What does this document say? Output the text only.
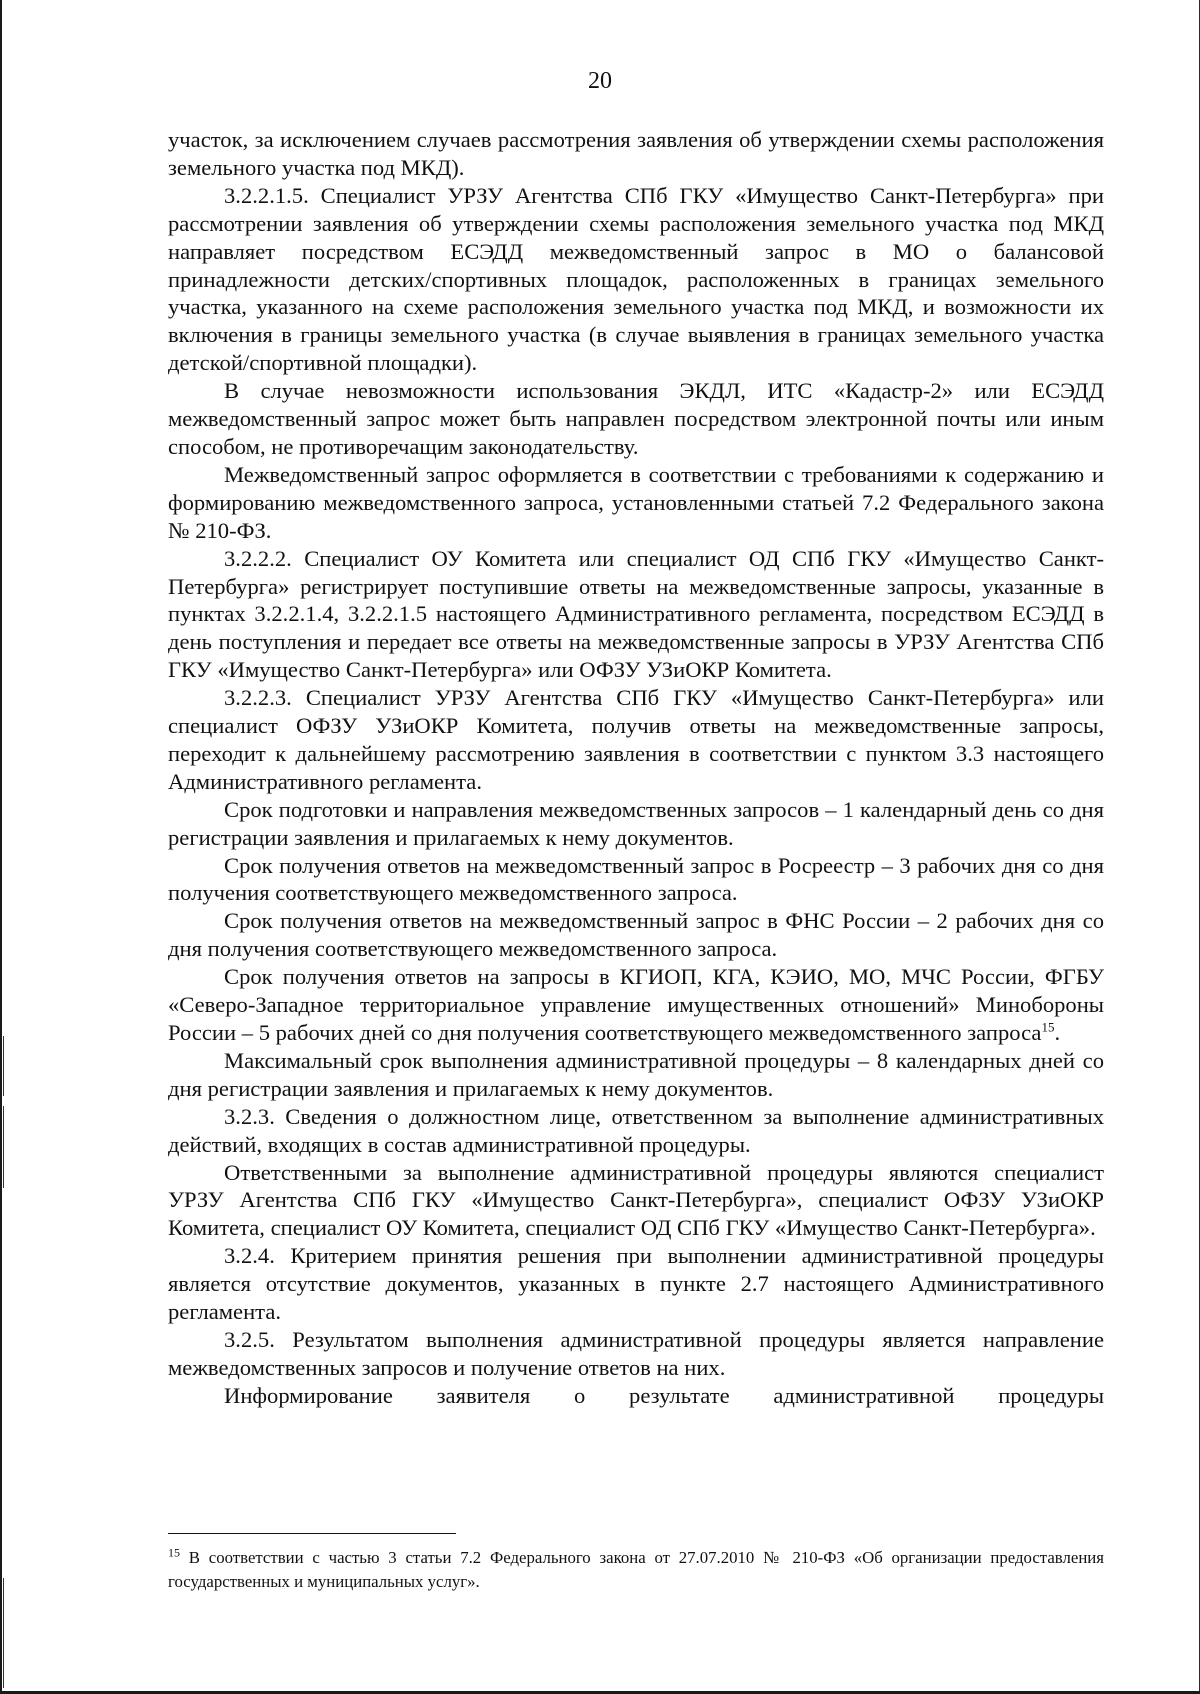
20

участок, за исключением случаев рассмотрения заявления об утверждении схемы расположения земельного участка под МКД).

3.2.2.1.5. Специалист УРЗУ Агентства СПб ГКУ «Имущество Санкт-Петербурга» при рассмотрении заявления об утверждении схемы расположения земельного участка под МКД направляет посредством ЕСЭДД межведомственный запрос в МО о балансовой принадлежности детских/спортивных площадок, расположенных в границах земельного участка, указанного на схеме расположения земельного участка под МКД, и возможности их включения в границы земельного участка (в случае выявления в границах земельного участка детской/спортивной площадки).

В случае невозможности использования ЭКДЛ, ИТС «Кадастр-2» или ЕСЭДД межведомственный запрос может быть направлен посредством электронной почты или иным способом, не противоречащим законодательству.

Межведомственный запрос оформляется в соответствии с требованиями к содержанию и формированию межведомственного запроса, установленными статьей 7.2 Федерального закона № 210-ФЗ.

3.2.2.2. Специалист ОУ Комитета или специалист ОД СПб ГКУ «Имущество Санкт-Петербурга» регистрирует поступившие ответы на межведомственные запросы, указанные в пунктах 3.2.2.1.4, 3.2.2.1.5 настоящего Административного регламента, посредством ЕСЭДД в день поступления и передает все ответы на межведомственные запросы в УРЗУ Агентства СПб ГКУ «Имущество Санкт-Петербурга» или ОФЗУ УЗиОКР Комитета.

3.2.2.3. Специалист УРЗУ Агентства СПб ГКУ «Имущество Санкт-Петербурга» или специалист ОФЗУ УЗиОКР Комитета, получив ответы на межведомственные запросы, переходит к дальнейшему рассмотрению заявления в соответствии с пунктом 3.3 настоящего Административного регламента.

Срок подготовки и направления межведомственных запросов – 1 календарный день со дня регистрации заявления и прилагаемых к нему документов.

Срок получения ответов на межведомственный запрос в Росреестр – 3 рабочих дня со дня получения соответствующего межведомственного запроса.

Срок получения ответов на межведомственный запрос в ФНС России – 2 рабочих дня со дня получения соответствующего межведомственного запроса.

Срок получения ответов на запросы в КГИОП, КГА, КЭИО, МО, МЧС России, ФГБУ «Северо-Западное территориальное управление имущественных отношений» Минобороны России – 5 рабочих дней со дня получения соответствующего межведомственного запроса$^{15}$.

Максимальный срок выполнения административной процедуры – 8 календарных дней со дня регистрации заявления и прилагаемых к нему документов.

3.2.3. Сведения о должностном лице, ответственном за выполнение административных действий, входящих в состав административной процедуры.

Ответственными за выполнение административной процедуры являются специалист УРЗУ Агентства СПб ГКУ «Имущество Санкт-Петербурга», специалист ОФЗУ УЗиОКР Комитета, специалист ОУ Комитета, специалист ОД СПб ГКУ «Имущество Санкт-Петербурга».

3.2.4. Критерием принятия решения при выполнении административной процедуры является отсутствие документов, указанных в пункте 2.7 настоящего Административного регламента.

3.2.5. Результатом выполнения административной процедуры является направление межведомственных запросов и получение ответов на них.

Информирование заявителя о результате административной процедуры

$^{15}$ В соответствии с частью 3 статьи 7.2 Федерального закона от 27.07.2010 № 210-ФЗ «Об организации предоставления государственных и муниципальных услуг».
